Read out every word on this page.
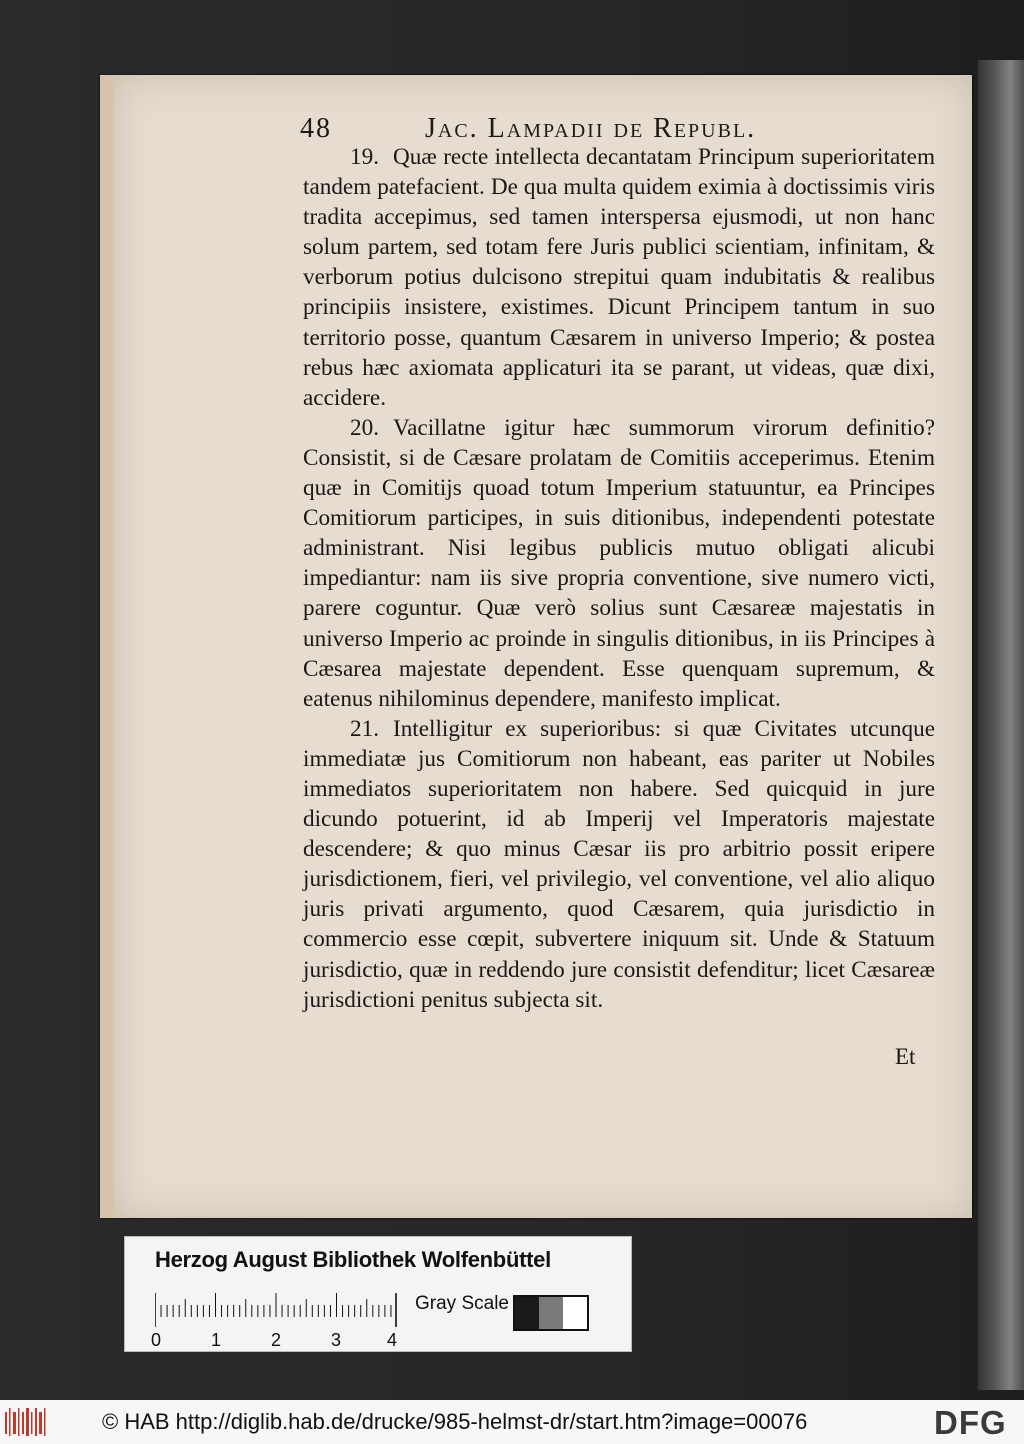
48	Jac. Lampadii de Republ.

19. Quæ recte intellecta decantatam Principum superioritatem tandem patefacient. De qua multa quidem eximia à doctissimis viris tradita accepimus, sed tamen interspersa ejusmodi, ut non hanc solum partem, sed totam fere Juris publici scientiam, infinitam, & verborum potius dulcisono strepitui quam indubitatis & realibus principiis insistere, existimes. Dicunt Principem tantum in suo territorio posse, quantum Cæsarem in universo Imperio; & postea rebus hæc axiomata applicaturi ita se parant, ut videas, quæ dixi, accidere.

20. Vacillatne igitur hæc summorum virorum definitio? Consistit, si de Cæsare prolatam de Comitiis acceperimus. Etenim quæ in Comitijs quoad totum Imperium statuuntur, ea Principes Comitiorum participes, in suis ditionibus, independenti potestate administrant. Nisi legibus publicis mutuo obligati alicubi impediantur: nam iis sive propria conventione, sive numero victi, parere coguntur. Quæ verò solius sunt Cæsareæ majestatis in universo Imperio ac proinde in singulis ditionibus, in iis Principes à Cæsarea majestate dependent. Esse quenquam supremum, & eatenus nihilominus dependere, manifesto implicat.

21. Intelligitur ex superioribus: si quæ Civitates utcunque immediatæ jus Comitiorum non habeant, eas pariter ut Nobiles immediatos superioritatem non habere. Sed quicquid in jure dicundo potuerint, id ab Imperij vel Imperatoris majestate descendere; & quo minus Cæsar iis pro arbitrio possit eripere jurisdictionem, fieri, vel privilegio, vel conventione, vel alio aliquo juris privati argumento, quod Cæsarem, quia jurisdictio in commercio esse cœpit, subvertere iniquum sit. Unde & Statuum jurisdictio, quæ in reddendo jure consistit defenditur; licet Cæsareæ jurisdictioni penitus subjecta sit.

Et
Herzog August Bibliothek Wolfenbüttel
0	1	2	3	4
Gray Scale
© HAB http://diglib.hab.de/drucke/985-helmst-dr/start.htm?image=00076	DFG
